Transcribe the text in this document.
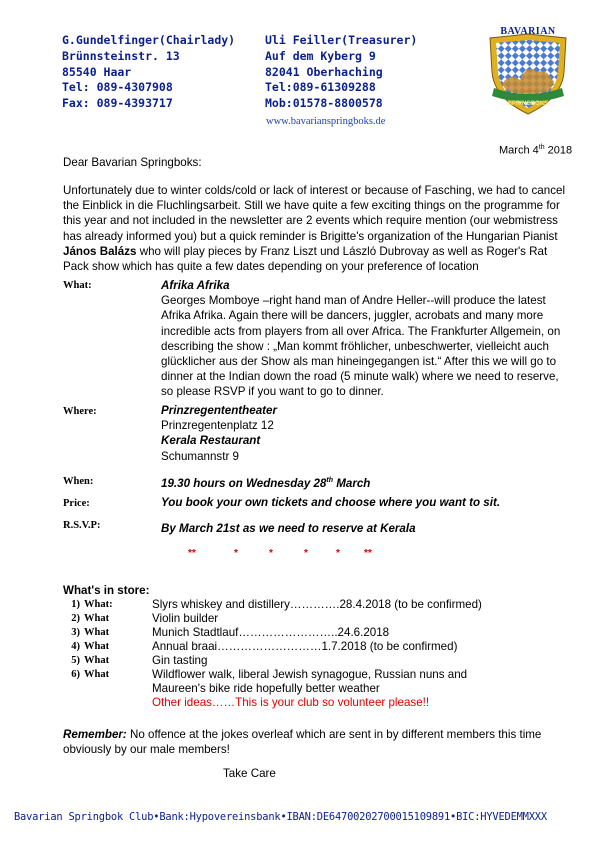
G.Gundelfinger(Chairlady)
Brünnsteinstr. 13
85540 Haar
Tel: 089-4307908
Fax: 089-4393717
Uli Feiller(Treasurer)
Auf dem Kyberg 9
82041 Oberhaching
Tel:089-61309288
Mob:01578-8800578
www.bavarianspringboks.de
BAVARIAN
SPRINGBOKS
March 4th 2018
Dear Bavarian Springboks:
Unfortunately due to winter colds/cold or lack of interest or because of Fasching, we had to cancel
the Einblick in die Fluchlingsarbeit. Still we have quite a few exciting things on the programme for
this year and not included in the newsletter are 2 events which require mention (our webmistress
has already informed you) but a quick reminder is Brigitte's organization of the Hungarian Pianist
János Balázs who will play pieces by Franz Liszt und László Dubrovay as well as Roger's Rat
Pack show which has quite a few dates depending on your preference of location
What:	Afrika Afrika
Georges Momboye –right hand man of Andre Heller--will produce the latest
Afrika Afrika. Again there will be dancers, juggler, acrobats and many more
incredible acts from players from all over Africa. The Frankfurter Allgemein, on
describing the show : „Man kommt fröhlicher, unbeschwerter, vielleicht auch
glücklicher aus der Show als man hineingegangen ist.“ After this we will go to
dinner at the Indian down the road (5 minute walk) where we need to reserve,
so please RSVP if you want to go to dinner.
Where:	Prinzregententheater
Prinzregentenplatz 12
Kerala Restaurant
Schumannstr 9
When:	19.30 hours on Wednesday 28th March
Price:	You book your own tickets and choose where you want to sit.
R.S.V.P:	By March 21st as we need to reserve at Kerala
**	*	*	*	* **
What's in store:
1) What:	Slyrs whiskey and distillery………….28.4.2018 (to be confirmed)
2) What	Violin builder
3) What	Munich Stadtlauf……………………..24.6.2018
4) What	Annual braai………………………1.7.2018 (to be confirmed)
5) What	Gin tasting
6) What	Wildflower walk, liberal Jewish synagogue, Russian nuns and
Maureen's bike ride hopefully better weather
Other ideas……This is your club so volunteer please!!
Remember: No offence at the jokes overleaf which are sent in by different members this time
obviously by our male members!
Take Care
Bavarian Springbok Club•Bank:Hypovereinsbank•IBAN:DE64700202700015109891•BIC:HYVEDEMMXXX
